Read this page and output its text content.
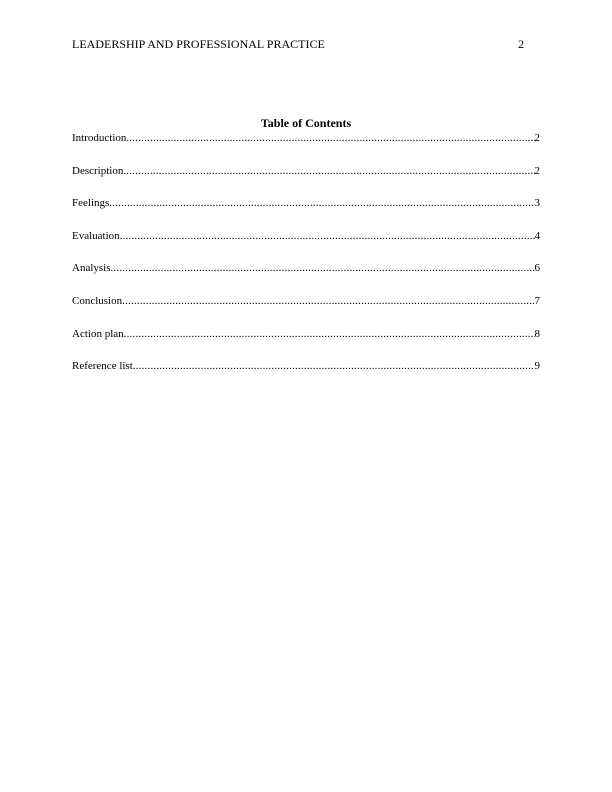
LEADERSHIP AND PROFESSIONAL PRACTICE	2
Table of Contents
Introduction .....	2
Description .....	2
Feelings .....	3
Evaluation .....	4
Analysis .....	6
Conclusion .....	7
Action plan .....	8
Reference list .....	9
